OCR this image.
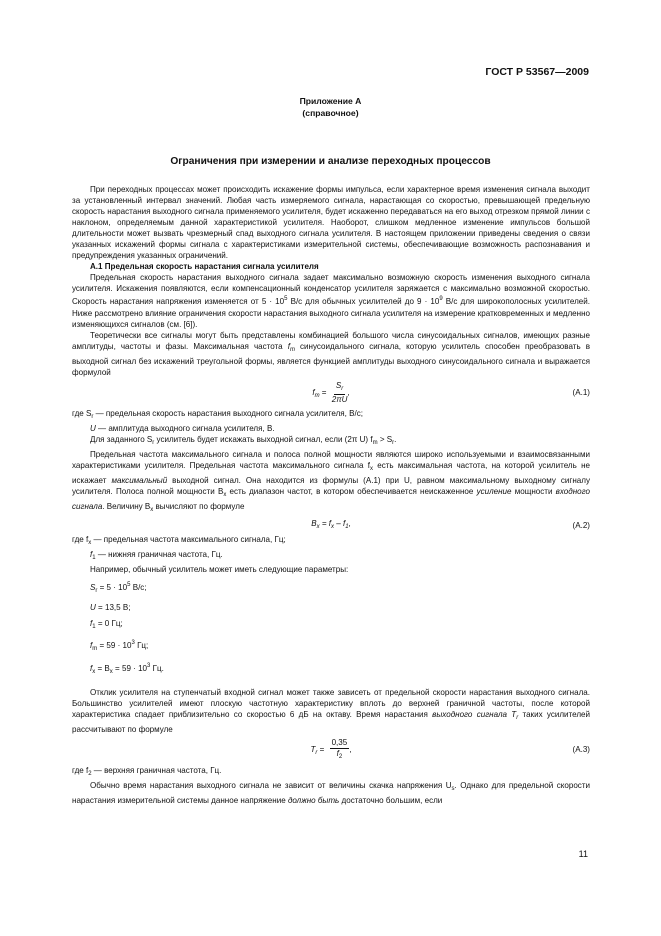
ГОСТ Р 53567—2009
Приложение А
(справочное)
Ограничения при измерении и анализе переходных процессов

При переходных процессах может происходить искажение формы импульса, если характерное время изменения сигнала выходит за установленный интервал значений. Любая часть измеряемого сигнала, нарастающая со скоростью, превышающей предельную скорость нарастания выходного сигнала применяемого усилителя, будет искаженно передаваться на его выход отрезком прямой линии с наклоном, определяемым данной характеристикой усилителя. Наоборот, слишком медленное изменение импульсов большой длительности может вызвать чрезмерный спад выходного сигнала усилителя. В настоящем приложении приведены сведения о связи указанных искажений формы сигнала с характеристиками измерительной системы, обеспечивающие возможность распознавания и предупреждения указанных ограничений.

А.1 Предельная скорость нарастания сигнала усилителя

Предельная скорость нарастания выходного сигнала задает максимально возможную скорость изменения выходного сигнала усилителя. Искажения появляются, если компенсационный конденсатор усилителя заряжается с максимально возможной скоростью. Скорость нарастания напряжения изменяется от $5 \cdot 10^5$ В/с для обычных усилителей до $9 \cdot 10^9$ В/с для широкополосных усилителей. Ниже рассмотрено влияние ограничения скорости нарастания выходного сигнала усилителя на измерение кратковременных и медленно изменяющихся сигналов (см. [6]).

Теоретически все сигналы могут быть представлены комбинацией большого числа синусоидальных сигналов, имеющих разные амплитуды, частоты и фазы. Максимальная частота $f_m$ синусоидального сигнала, которую усилитель способен преобразовать в выходной сигнал без искажений треугольной формы, является функцией амплитуды выходного синусоидального сигнала и выражается формулой

$f_m = \frac{S_r}{2\pi U}$ ,	(А.1)

где $S_r$ — предельная скорость нарастания выходного сигнала усилителя, В/с;

U — амплитуда выходного сигнала усилителя, В.

Для заданного $S_r$ усилитель будет искажать выходной сигнал, если (2π U) $f_m > S_r$.

Предельная частота максимального сигнала и полоса полной мощности являются широко используемыми и взаимосвязанными характеристиками усилителя. Предельная частота максимального сигнала $f_x$ есть максимальная частота, на которой усилитель не искажает максимальный выходной сигнал. Она находится из формулы (А.1) при U, равном максимальному выходному сигналу усилителя. Полоса полной мощности $B_x$ есть диапазон частот, в котором обеспечивается неискаженное усиление мощности входного сигнала. Величину $B_x$ вычисляют по формуле

$B_x = f_x - f_1$,	(А.2)

где $f_x$ — предельная частота максимального сигнала, Гц;

$f_1$ — нижняя граничная частота, Гц.

Например, обычный усилитель может иметь следующие параметры:

$S_r = 5 \cdot 10^5$ В/с;
U = 13,5 В;
$f_1 = 0$ Гц;
$f_m = 59 \cdot 10^3$ Гц;
$f_x = B_x = 59 \cdot 10^3$ Гц.

Отклик усилителя на ступенчатый входной сигнал может также зависеть от предельной скорости нарастания выходного сигнала. Большинство усилителей имеют плоскую частотную характеристику вплоть до верхней граничной частоты, после которой характеристика спадает приблизительно со скоростью 6 дБ на октаву. Время нарастания выходного сигнала $T_r$ таких усилителей рассчитывают по формуле

$T_r = \frac{0,35}{f_2}$ ,	(А.3)

где $f_2$ — верхняя граничная частота, Гц.

Обычно время нарастания выходного сигнала не зависит от величины скачка напряжения $U_s$. Однако для предельной скорости нарастания измерительной системы данное напряжение должно быть достаточно большим, если

11
